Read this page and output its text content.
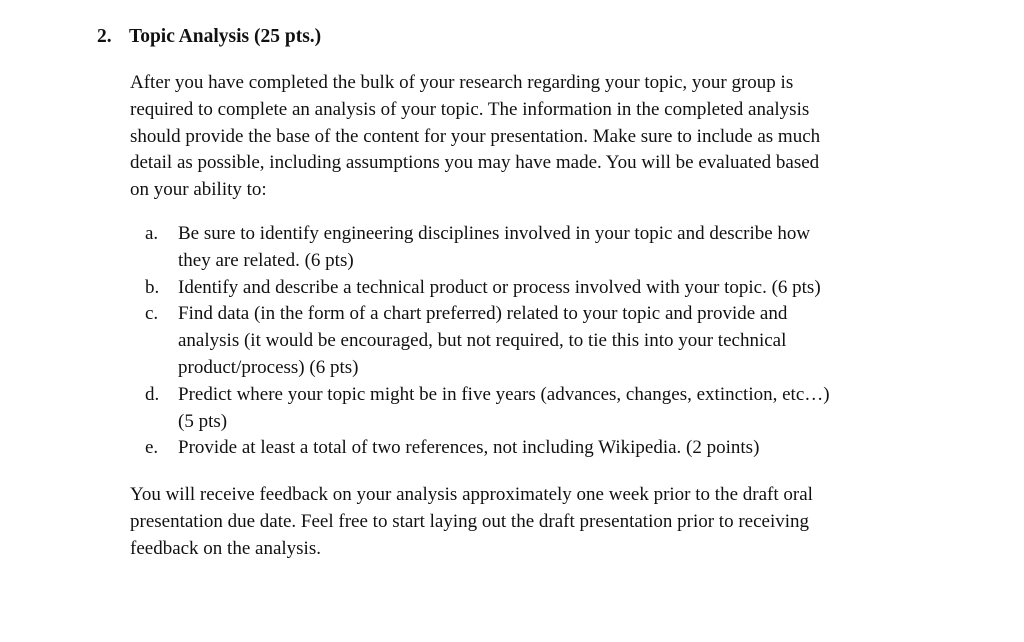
2. Topic Analysis (25 pts.)
After you have completed the bulk of your research regarding your topic, your group is
required to complete an analysis of your topic. The information in the completed analysis
should provide the base of the content for your presentation. Make sure to include as much
detail as possible, including assumptions you may have made. You will be evaluated based
on your ability to:
a. Be sure to identify engineering disciplines involved in your topic and describe how
they are related. (6 pts)
b. Identify and describe a technical product or process involved with your topic. (6 pts)
c. Find data (in the form of a chart preferred) related to your topic and provide and
analysis (it would be encouraged, but not required, to tie this into your technical
product/process) (6 pts)
d. Predict where your topic might be in five years (advances, changes, extinction, etc…)
(5 pts)
e. Provide at least a total of two references, not including Wikipedia. (2 points)
You will receive feedback on your analysis approximately one week prior to the draft oral
presentation due date. Feel free to start laying out the draft presentation prior to receiving
feedback on the analysis.
